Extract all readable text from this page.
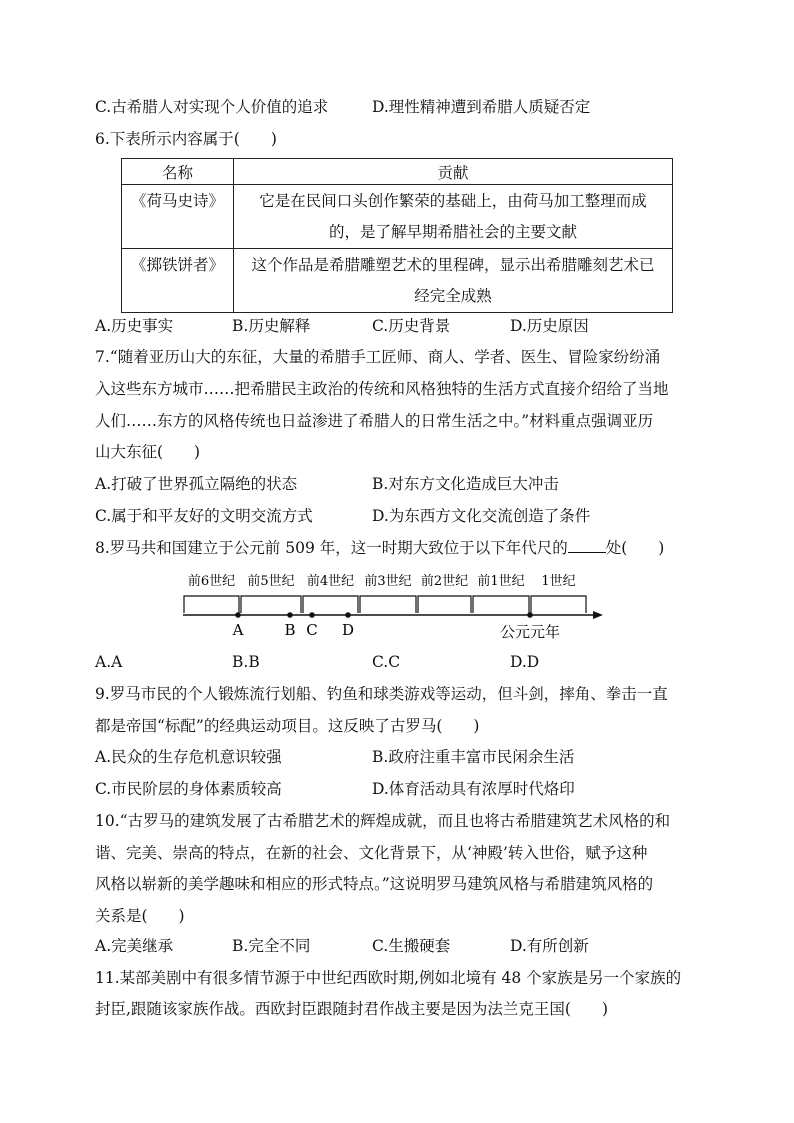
C.古希腊人对实现个人价值的追求	D.理性精神遭到希腊人质疑否定
6.下表所示内容属于(　　)
名称	贡献
《荷马史诗》	它是在民间口头创作繁荣的基础上，由荷马加工整理而成
的，是了解早期希腊社会的主要文献

《掷铁饼者》	这个作品是希腊雕塑艺术的里程碑，显示出希腊雕刻艺术已
经完全成熟
A.历史事实	B.历史解释	C.历史背景	D.历史原因
7.“随着亚历山大的东征，大量的希腊手工匠师、商人、学者、医生、冒险家纷纷涌
入这些东方城市……把希腊民主政治的传统和风格独特的生活方式直接介绍给了当地
人们……东方的风格传统也日益渗进了希腊人的日常生活之中。”材料重点强调亚历
山大东征(　　)
A.打破了世界孤立隔绝的状态	B.对东方文化造成巨大冲击
C.属于和平友好的文明交流方式	D.为东西方文化交流创造了条件
8.罗马共和国建立于公元前 509 年，这一时期大致位于以下年代尺的 处(　　)
前6世纪 前5世纪 前4世纪 前3世纪 前2世纪 前1世纪 1世纪
A	B C D	公元元年
A.A	B.B	C.C	D.D
9.罗马市民的个人锻炼流行划船、钓鱼和球类游戏等运动，但斗剑，摔角、拳击一直
都是帝国“标配”的经典运动项目。这反映了古罗马(　　)
A.民众的生存危机意识较强	B.政府注重丰富市民闲余生活
C.市民阶层的身体素质较高	D.体育活动具有浓厚时代烙印
10.“古罗马的建筑发展了古希腊艺术的辉煌成就，而且也将古希腊建筑艺术风格的和
谐、完美、崇高的特点，在新的社会、文化背景下，从‘神殿’转入世俗，赋予这种
风格以崭新的美学趣味和相应的形式特点。”这说明罗马建筑风格与希腊建筑风格的
关系是(　　)
A.完美继承	B.完全不同	C.生搬硬套	D.有所创新
11.某部美剧中有很多情节源于中世纪西欧时期,例如北境有 48 个家族是另一个家族的
封臣,跟随该家族作战。西欧封臣跟随封君作战主要是因为法兰克王国(　　)
